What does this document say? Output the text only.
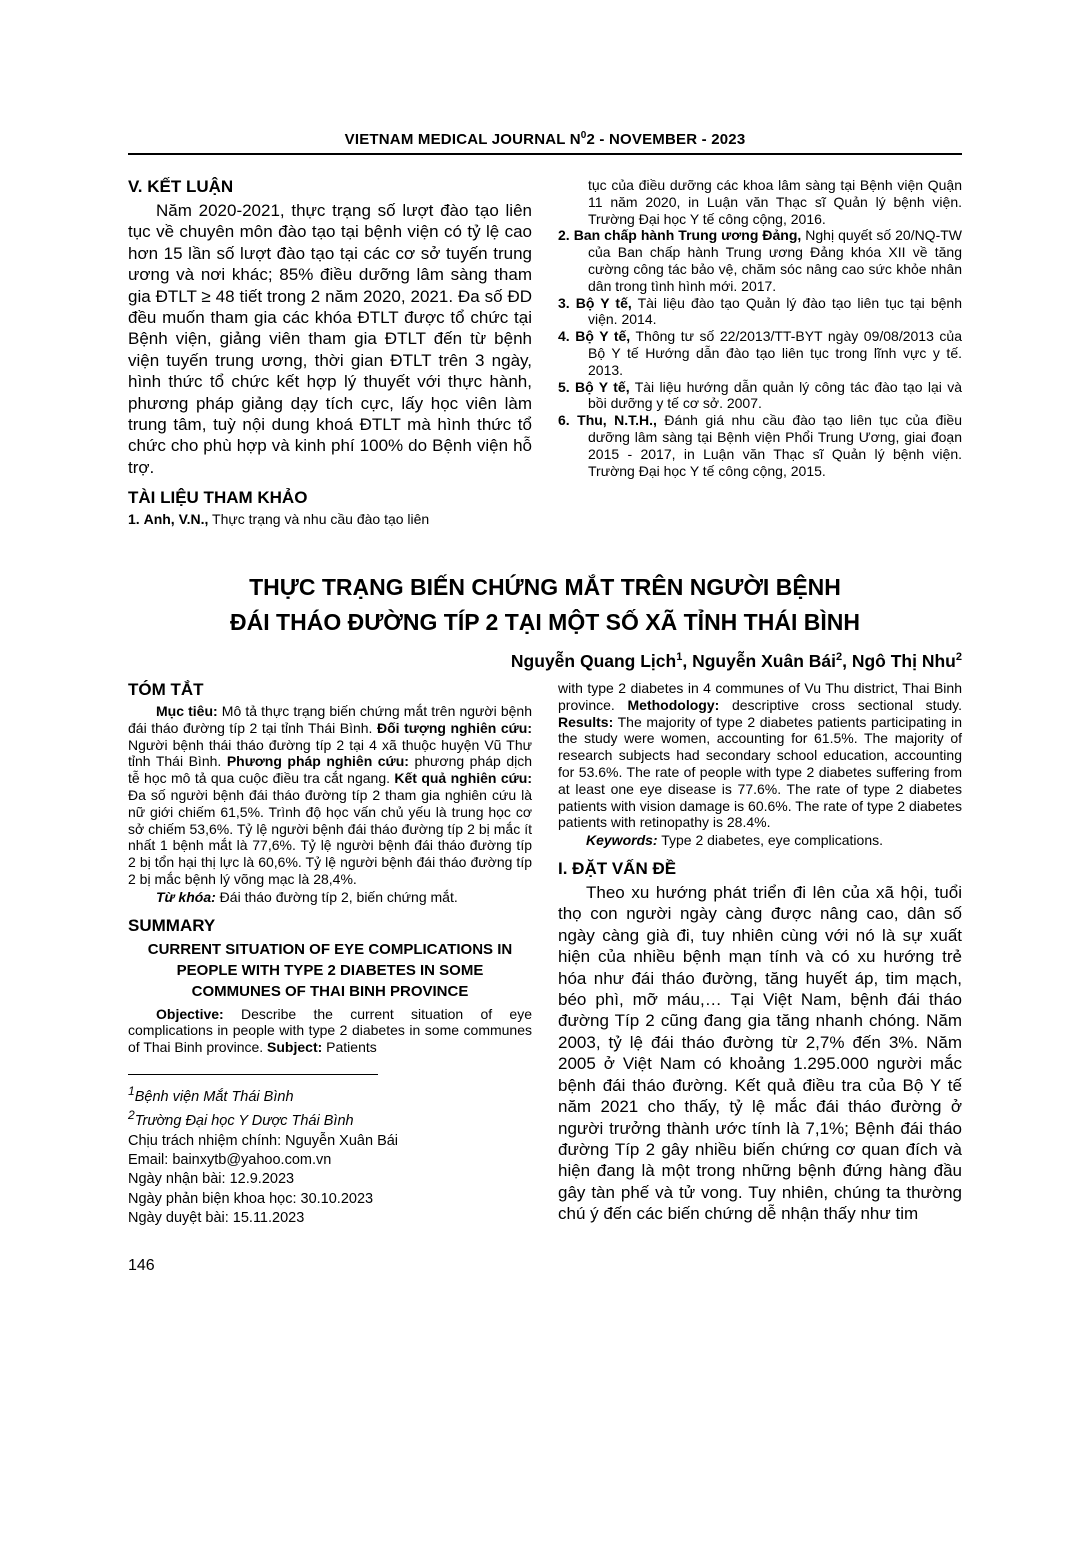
VIETNAM MEDICAL JOURNAL $N^02$ - NOVEMBER - 2023
V. KẾT LUẬN

Năm 2020-2021, thực trạng số lượt đào tạo liên tục về chuyên môn đào tạo tại bệnh viện có tỷ lệ cao hơn 15 lần số lượt đào tạo tại các cơ sở tuyến trung ương và nơi khác; 85% điều dưỡng lâm sàng tham gia ĐTLT ≥ 48 tiết trong 2 năm 2020, 2021. Đa số ĐD đều muốn tham gia các khóa ĐTLT được tổ chức tại Bệnh viện, giảng viên tham gia ĐTLT đến từ bệnh viện tuyến trung ương, thời gian ĐTLT trên 3 ngày, hình thức tổ chức kết hợp lý thuyết với thực hành, phương pháp giảng dạy tích cực, lấy học viên làm trung tâm, tuỳ nội dung khoá ĐTLT mà hình thức tổ chức cho phù hợp và kinh phí 100% do Bệnh viện hỗ trợ.

TÀI LIỆU THAM KHẢO

1. Anh, V.N., Thực trạng và nhu cầu đào tạo liên

tục của điều dưỡng các khoa lâm sàng tại Bệnh viện Quận 11 năm 2020, in Luận văn Thạc sĩ Quản lý bệnh viện. Trường Đại học Y tế công cộng, 2016.

2. Ban chấp hành Trung ương Đảng, Nghị quyết số 20/NQ-TW của Ban chấp hành Trung ương Đảng khóa XII về tăng cường công tác bảo vệ, chăm sóc nâng cao sức khỏe nhân dân trong tình hình mới. 2017.

3. Bộ Y tế, Tài liệu đào tạo Quản lý đào tạo liên tục tại bệnh viện. 2014.

4. Bộ Y tế, Thông tư số 22/2013/TT-BYT ngày 09/08/2013 của Bộ Y tế Hướng dẫn đào tạo liên tục trong lĩnh vực y tế. 2013.

5. Bộ Y tế, Tài liệu hướng dẫn quản lý công tác đào tạo lại và bồi dưỡng y tế cơ sở. 2007.

6. Thu, N.T.H., Đánh giá nhu cầu đào tạo liên tục của điều dưỡng lâm sàng tại Bệnh viện Phổi Trung Ương, giai đoạn 2015 - 2017, in Luận văn Thạc sĩ Quản lý bệnh viện. Trường Đại học Y tế công cộng, 2015.

THỰC TRẠNG BIẾN CHỨNG MẮT TRÊN NGƯỜI BỆNH
ĐÁI THÁO ĐƯỜNG TÍP 2 TẠI MỘT SỐ XÃ TỈNH THÁI BÌNH
Nguyễn Quang Lịch$^1$, Nguyễn Xuân Bái$^2$, Ngô Thị Nhu$^2$
TÓM TẮT

Mục tiêu: Mô tả thực trạng biến chứng mắt trên người bệnh đái tháo đường típ 2 tại tỉnh Thái Bình. Đối tượng nghiên cứu: Người bệnh thái tháo đường típ 2 tại 4 xã thuộc huyện Vũ Thư tỉnh Thái Bình. Phương pháp nghiên cứu: phương pháp dịch tễ học mô tả qua cuộc điều tra cắt ngang. Kết quả nghiên cứu: Đa số người bệnh đái tháo đường típ 2 tham gia nghiên cứu là nữ giới chiếm 61,5%. Trình độ học vấn chủ yếu là trung học cơ sở chiếm 53,6%. Tỷ lệ người bệnh đái tháo đường típ 2 bị mắc ít nhất 1 bệnh mắt là 77,6%. Tỷ lệ người bệnh đái tháo đường típ 2 bị tổn hại thị lực là 60,6%. Tỷ lệ người bệnh đái tháo đường típ 2 bị mắc bệnh lý võng mạc là 28,4%.

Từ khóa: Đái tháo đường típ 2, biến chứng mắt.

SUMMARY
CURRENT SITUATION OF EYE COMPLICATIONS IN PEOPLE WITH TYPE 2 DIABETES IN SOME COMMUNES OF THAI BINH PROVINCE

Objective: Describe the current situation of eye complications in people with type 2 diabetes in some communes of Thai Binh province. Subject: Patients

$^1$Bệnh viện Mắt Thái Bình
$^2$Trường Đại học Y Dược Thái Bình
Chịu trách nhiệm chính: Nguyễn Xuân Bái
Email: bainxytb@yahoo.com.vn
Ngày nhận bài: 12.9.2023
Ngày phản biện khoa học: 30.10.2023
Ngày duyệt bài: 15.11.2023
146

with type 2 diabetes in 4 communes of Vu Thu district, Thai Binh province. Methodology: descriptive cross sectional study. Results: The majority of type 2 diabetes patients participating in the study were women, accounting for 61.5%. The majority of research subjects had secondary school education, accounting for 53.6%. The rate of people with type 2 diabetes suffering from at least one eye disease is 77.6%. The rate of type 2 diabetes patients with vision damage is 60.6%. The rate of type 2 diabetes patients with retinopathy is 28.4%.

Keywords: Type 2 diabetes, eye complications.

I. ĐẶT VẤN ĐỀ

Theo xu hướng phát triển đi lên của xã hội, tuổi thọ con người ngày càng được nâng cao, dân số ngày càng già đi, tuy nhiên cùng với nó là sự xuất hiện của nhiều bệnh mạn tính và có xu hướng trẻ hóa như đái tháo đường, tăng huyết áp, tim mạch, béo phì, mỡ máu,… Tại Việt Nam, bệnh đái tháo đường Típ 2 cũng đang gia tăng nhanh chóng. Năm 2003, tỷ lệ đái tháo đường từ 2,7% đến 3%. Năm 2005 ở Việt Nam có khoảng 1.295.000 người mắc bệnh đái tháo đường. Kết quả điều tra của Bộ Y tế năm 2021 cho thấy, tỷ lệ mắc đái tháo đường ở người trưởng thành ước tính là 7,1%; Bệnh đái tháo đường Típ 2 gây nhiều biến chứng cơ quan đích và hiện đang là một trong những bệnh đứng hàng đầu gây tàn phế và tử vong. Tuy nhiên, chúng ta thường chú ý đến các biến chứng dễ nhận thấy như tim
